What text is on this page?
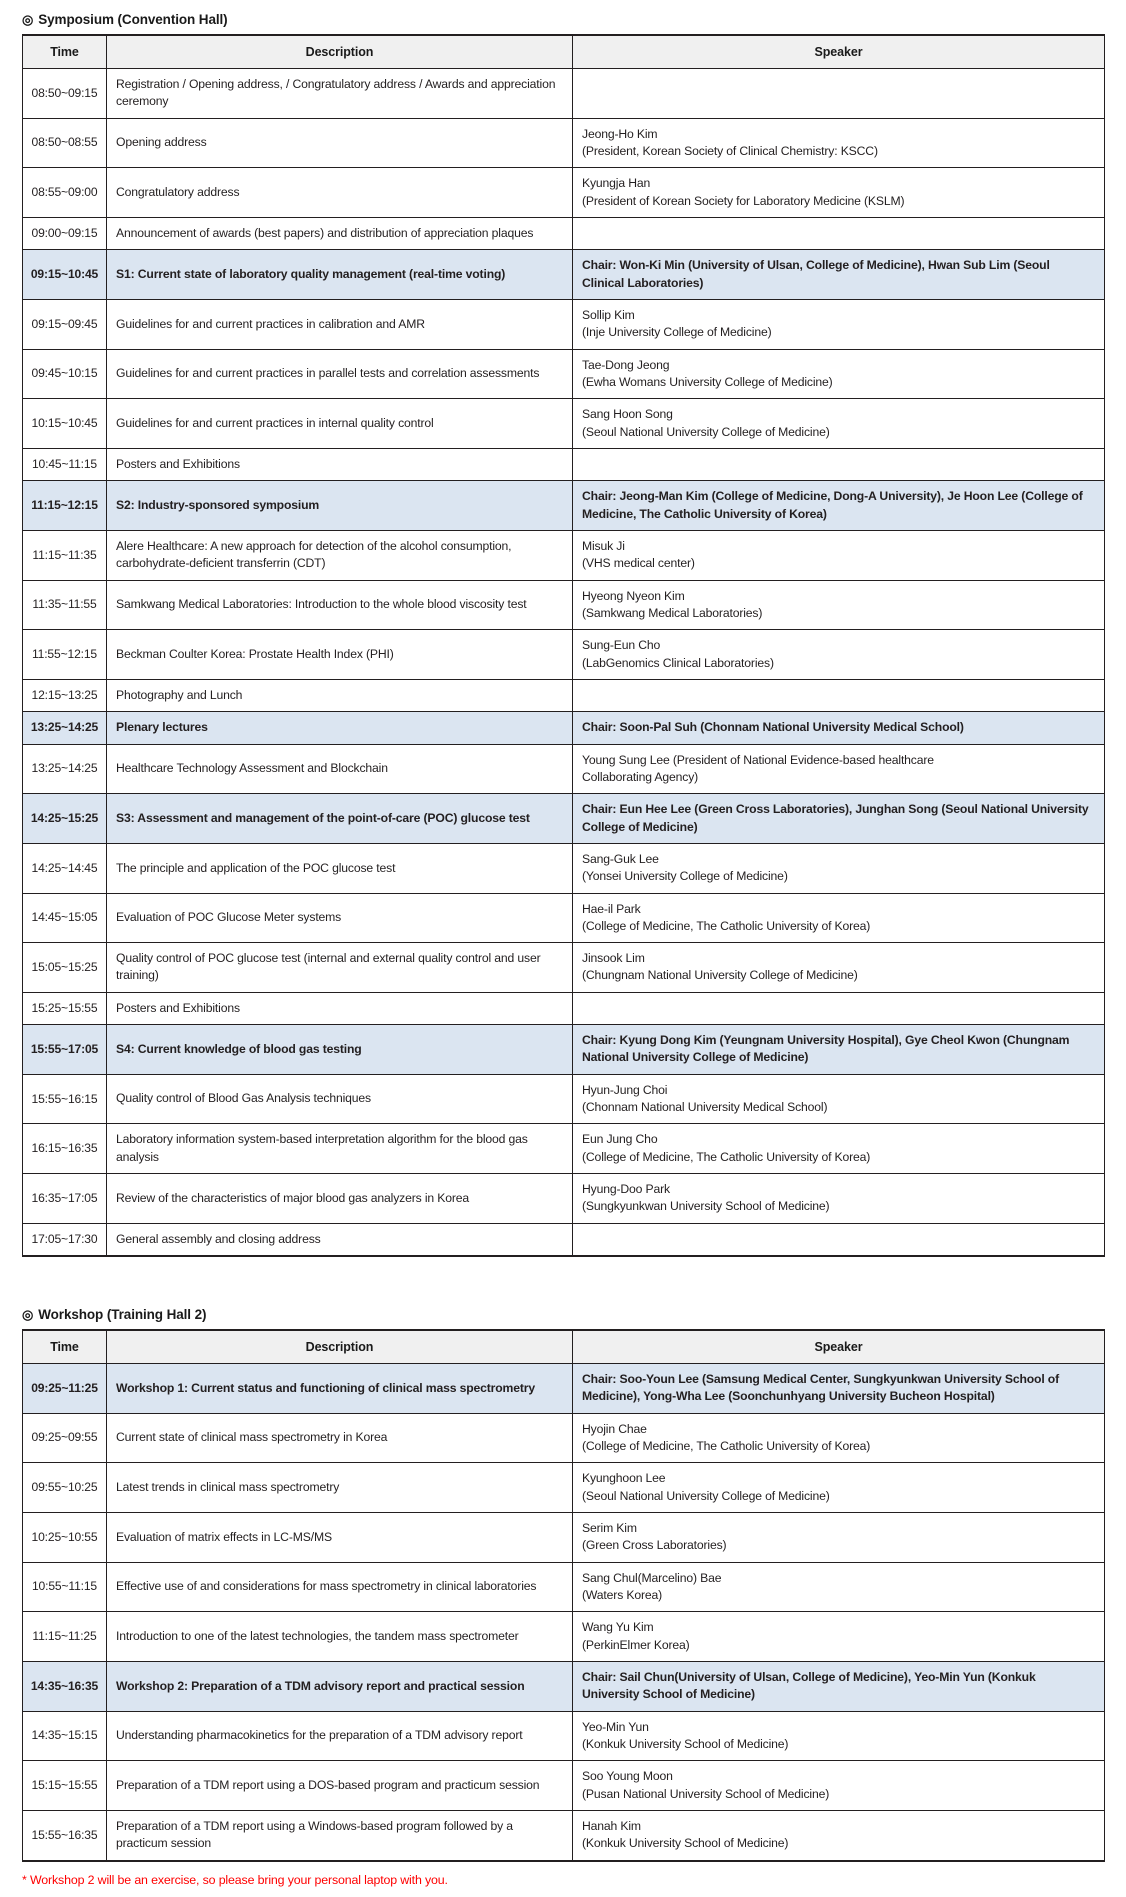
◎ Symposium (Convention Hall)
Time	Description	Speaker
08:50~09:15	Registration / Opening address, / Congratulatory address / Awards and appreciation ceremony	

08:50~08:55	Opening address	Jeong-Ho Kim
(President, Korean Society of Clinical Chemistry: KSCC)

08:55~09:00	Congratulatory address	Kyungja Han
(President of Korean Society for Laboratory Medicine (KSLM)

09:00~09:15	Announcement of awards (best papers) and distribution of appreciation plaques	

09:15~10:45	S1: Current state of laboratory quality management (real-time voting)	Chair: Won-Ki Min (University of Ulsan, College of Medicine), Hwan Sub Lim (Seoul Clinical Laboratories)

09:15~09:45	Guidelines for and current practices in calibration and AMR	Sollip Kim
(Inje University College of Medicine)

09:45~10:15	Guidelines for and current practices in parallel tests and correlation assessments	Tae-Dong Jeong
(Ewha Womans University College of Medicine)

10:15~10:45	Guidelines for and current practices in internal quality control	Sang Hoon Song
(Seoul National University College of Medicine)

10:45~11:15	Posters and Exhibitions	

11:15~12:15	S2: Industry-sponsored symposium	Chair: Jeong-Man Kim (College of Medicine, Dong-A University), Je Hoon Lee (College of Medicine, The Catholic University of Korea)

11:15~11:35	Alere Healthcare: A new approach for detection of the alcohol consumption, carbohydrate-deficient transferrin (CDT)	Misuk Ji
(VHS medical center)

11:35~11:55	Samkwang Medical Laboratories: Introduction to the whole blood viscosity test	Hyeong Nyeon Kim
(Samkwang Medical Laboratories)

11:55~12:15	Beckman Coulter Korea: Prostate Health Index (PHI)	Sung-Eun Cho
(LabGenomics Clinical Laboratories)

12:15~13:25	Photography and Lunch	

13:25~14:25	Plenary lectures	Chair: Soon-Pal Suh (Chonnam National University Medical School)

13:25~14:25	Healthcare Technology Assessment and Blockchain	Young Sung Lee (President of National Evidence-based healthcare
Collaborating Agency)

14:25~15:25	S3: Assessment and management of the point-of-care (POC) glucose test	Chair: Eun Hee Lee (Green Cross Laboratories), Junghan Song (Seoul National University College of Medicine)

14:25~14:45	The principle and application of the POC glucose test	Sang-Guk Lee
(Yonsei University College of Medicine)

14:45~15:05	Evaluation of POC Glucose Meter systems	Hae-il Park
(College of Medicine, The Catholic University of Korea)

15:05~15:25	Quality control of POC glucose test (internal and external quality control and user training)	Jinsook Lim
(Chungnam National University College of Medicine)

15:25~15:55	Posters and Exhibitions	

15:55~17:05	S4: Current knowledge of blood gas testing	Chair: Kyung Dong Kim (Yeungnam University Hospital), Gye Cheol Kwon (Chungnam National University College of Medicine)

15:55~16:15	Quality control of Blood Gas Analysis techniques	Hyun-Jung Choi
(Chonnam National University Medical School)

16:15~16:35	Laboratory information system-based interpretation algorithm for the blood gas analysis	Eun Jung Cho
(College of Medicine, The Catholic University of Korea)

16:35~17:05	Review of the characteristics of major blood gas analyzers in Korea	Hyung-Doo Park
(Sungkyunkwan University School of Medicine)

17:05~17:30	General assembly and closing address	

◎ Workshop (Training Hall 2)
Time	Description	Speaker
09:25~11:25	Workshop 1: Current status and functioning of clinical mass spectrometry	Chair: Soo-Youn Lee (Samsung Medical Center, Sungkyunkwan University School of Medicine), Yong-Wha Lee (Soonchunhyang University Bucheon Hospital)

09:25~09:55	Current state of clinical mass spectrometry in Korea	Hyojin Chae
(College of Medicine, The Catholic University of Korea)

09:55~10:25	Latest trends in clinical mass spectrometry	Kyunghoon Lee
(Seoul National University College of Medicine)

10:25~10:55	Evaluation of matrix effects in LC-MS/MS	Serim Kim
(Green Cross Laboratories)

10:55~11:15	Effective use of and considerations for mass spectrometry in clinical laboratories	Sang Chul(Marcelino) Bae
(Waters Korea)

11:15~11:25	Introduction to one of the latest technologies, the tandem mass spectrometer	Wang Yu Kim
(PerkinElmer Korea)

14:35~16:35	Workshop 2: Preparation of a TDM advisory report and practical session	Chair: Sail Chun(University of Ulsan, College of Medicine), Yeo-Min Yun (Konkuk University School of Medicine)

14:35~15:15	Understanding pharmacokinetics for the preparation of a TDM advisory report	Yeo-Min Yun
(Konkuk University School of Medicine)

15:15~15:55	Preparation of a TDM report using a DOS-based program and practicum session	Soo Young Moon
(Pusan National University School of Medicine)

15:55~16:35	Preparation of a TDM report using a Windows-based program followed by a practicum session	Hanah Kim
(Konkuk University School of Medicine)
* Workshop 2 will be an exercise, so please bring your personal laptop with you.
